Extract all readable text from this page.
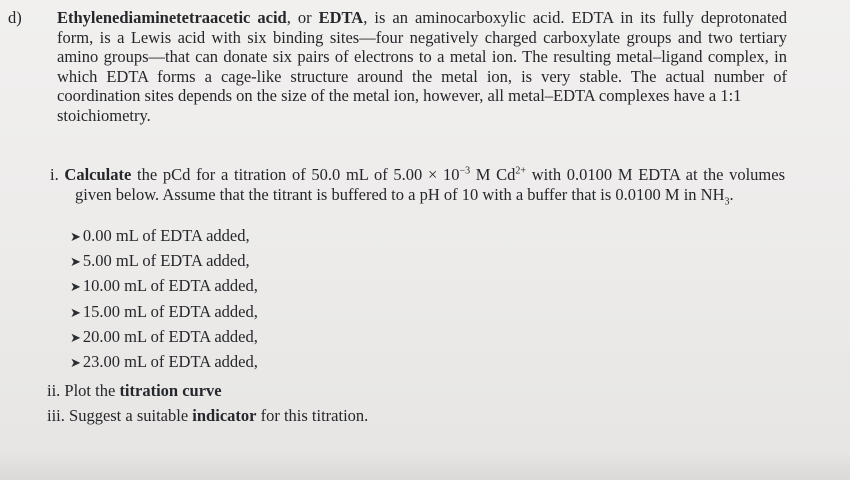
d) Ethylenediaminetetraacetic acid, or EDTA, is an aminocarboxylic acid. EDTA in its fully deprotonated form, is a Lewis acid with six binding sites—four negatively charged carboxylate groups and two tertiary amino groups—that can donate six pairs of electrons to a metal ion. The resulting metal–ligand complex, in which EDTA forms a cage-like structure around the metal ion, is very stable. The actual number of coordination sites depends on the size of the metal ion, however, all metal–EDTA complexes have a 1:1
stoichiometry.
i. Calculate the pCd for a titration of 50.0 mL of $5.00 \times 10^{-3}$ M $Cd^{2+}$ with 0.0100 M EDTA at the volumes given below. Assume that the titrant is buffered to a pH of 10 with a buffer that is 0.0100 M in $NH_3$.
➤ 0.00 mL of EDTA added,
➤ 5.00 mL of EDTA added,
➤ 10.00 mL of EDTA added,
➤ 15.00 mL of EDTA added,
➤ 20.00 mL of EDTA added,
➤ 23.00 mL of EDTA added,
ii. Plot the titration curve
iii. Suggest a suitable indicator for this titration.
